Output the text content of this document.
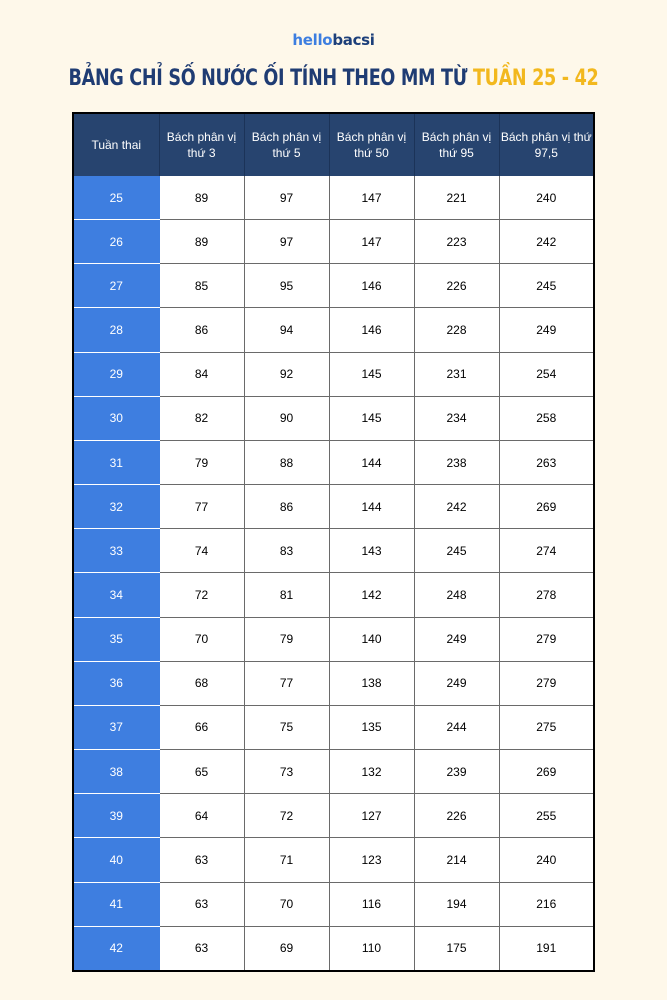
hellobacsi
BẢNG CHỈ SỐ NƯỚC ỐI TÍNH THEO MM TỪ TUẦN 25 - 42
Tuần thai	Bách phân vị thứ 3	Bách phân vị thứ 5	Bách phân vị thứ 50	Bách phân vị thứ 95	Bách phân vị thứ 97,5
25	89	97	147	221	240
26	89	97	147	223	242
27	85	95	146	226	245
28	86	94	146	228	249
29	84	92	145	231	254
30	82	90	145	234	258
31	79	88	144	238	263
32	77	86	144	242	269
33	74	83	143	245	274
34	72	81	142	248	278
35	70	79	140	249	279
36	68	77	138	249	279
37	66	75	135	244	275
38	65	73	132	239	269
39	64	72	127	226	255
40	63	71	123	214	240
41	63	70	116	194	216
42	63	69	110	175	191
